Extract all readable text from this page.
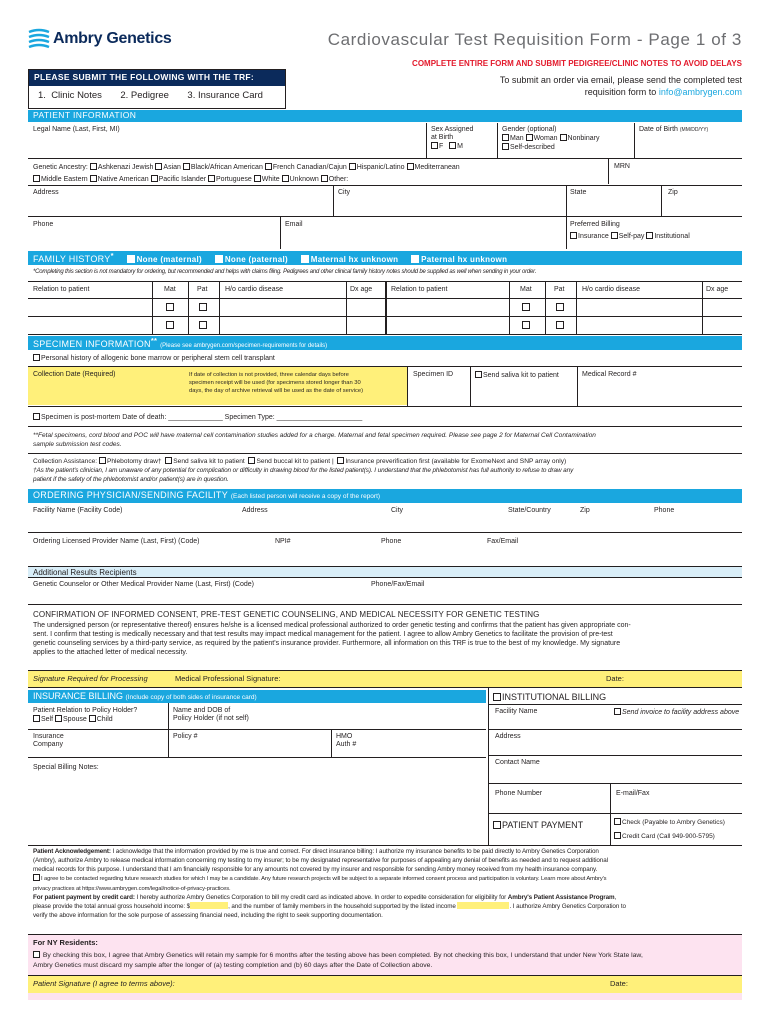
Ambry Genetics	Cardiovascular Test Requisition Form - Page 1 of 3
COMPLETE ENTIRE FORM AND SUBMIT PEDIGREE/CLINIC NOTES TO AVOID DELAYS
To submit an order via email, please send the completed test
requisition form to info@ambrygen.com
PLEASE SUBMIT THE FOLLOWING WITH THE TRF:
1.  Clinic Notes       2. Pedigree       3. Insurance Card
PATIENT INFORMATION
Legal Name (Last, First, MI)	Sex Assigned
at Birth
F M
Gender (optional)
Man Woman Nonbinary
Self-described
Date of Birth (MM/DD/YY)
Genetic Ancestry: Ashkenazi Jewish Asian Black/African American French Canadian/Cajun Hispanic/Latino Mediterranean
Middle Eastern Native American Pacific Islander Portuguese White Unknown Other:
MRN
Address	City	State	Zip
Phone	Email	Preferred Billing
Insurance Self-pay Institutional
FAMILY HISTORY*	None (maternal)	None (paternal)	Maternal hx unknown	Paternal hx unknown
*Completing this section is not mandatory for ordering, but recommended and helps with claims filing. Pedigrees and other clinical family history notes should be supplied as well when sending in your order.
Relation to patient	Mat	Pat H/o cardio disease	Dx age	Relation to patient	Mat	Pat H/o cardio disease	Dx age
SPECIMEN INFORMATION** (Please see ambrygen.com/specimen-requirements for details)
Personal history of allogenic bone marrow or peripheral stem cell transplant
Collection Date (Required)	If date of collection is not provided, three calendar days before
specimen receipt will be used (for specimens stored longer than 30
days, the day of archive retrieval will be used as the date of service)
Specimen ID	Send saliva kit to patient	Medical Record #
Specimen is post-mortem Date of death: ______________ Specimen Type: ______________________
**Fetal specimens, cord blood and POC will have maternal cell contamination studies added for a charge. Maternal and fetal specimen required. Please see page 2 for Maternal Cell Contamination
sample submission test codes.
Collection Assistance: Phlebotomy draw† Send saliva kit to patient Send buccal kit to patient | Insurance preverification first (available for ExomeNext and SNP array only)
†As the patient's clinician, I am unaware of any potential for complication or difficulty in drawing blood for the listed patient(s). I understand that the phlebotomist has full authority to refuse to draw any
patient if the safety of the phlebotomist and/or patient(s) are in question.
ORDERING PHYSICIAN/SENDING FACILITY (Each listed person will receive a copy of the report)
Facility Name (Facility Code)	Address	City	State/Country	Zip	Phone
Ordering Licensed Provider Name (Last, First) (Code)	NPI#	Phone	Fax/Email
Additional Results Recipients
Genetic Counselor or Other Medical Provider Name (Last, First) (Code)	Phone/Fax/Email
CONFIRMATION OF INFORMED CONSENT, PRE-TEST GENETIC COUNSELING, AND MEDICAL NECESSITY FOR GENETIC TESTING
The undersigned person (or representative thereof) ensures he/she is a licensed medical professional authorized to order genetic testing and confirms that the patient has given appropriate con-
sent. I confirm that testing is medically necessary and that test results may impact medical management for the patient. I agree to allow Ambry Genetics to facilitate the provision of pre-test
genetic counseling services by a third-party service, as required by the patient's insurance provider. Furthermore, all information on this TRF is true to the best of my knowledge. My signature
applies to the attached letter of medical necessity.
Signature Required for Processing	Medical Professional Signature:	Date:
INSURANCE BILLING (Include copy of both sides of insurance card)
Patient Relation to Policy Holder?
Self Spouse Child
Name and DOB of
Policy Holder (if not self)
Insurance
Company
Policy #	HMO
Auth #
Special Billing Notes:
INSTITUTIONAL BILLING
Facility Name	Send invoice to facility address above
Address
Contact Name
Phone Number	E-mail/Fax
PATIENT PAYMENT	Check (Payable to Ambry Genetics)
Credit Card (Call 949-900-5795)
Patient Acknowledgement: I acknowledge that the information provided by me is true and correct. For direct insurance billing: I authorize my insurance benefits to be paid directly to Ambry Genetics Corporation
(Ambry), authorize Ambry to release medical information concerning my testing to my insurer; to be my designated representative for purposes of appealing any denial of benefits as needed and to request additional
medical records for this purpose. I understand that I am financially responsible for any amounts not covered by my insurer and responsible for sending Ambry money received from my health insurance company.
I agree to be contacted regarding future research studies for which I may be a candidate. Any future research projects will be subject to a separate informed consent process and participation is voluntary. Learn more about Ambry's
privacy practices at https://www.ambrygen.com/legal/notice-of-privacy-practices.
For patient payment by credit card: I hereby authorize Ambry Genetics Corporation to bill my credit card as indicated above. In order to expedite consideration for eligibility for Ambry's Patient Assistance Program,
please provide the total annual gross household income: $	, and the number of family members in the household supported by the listed income	. I authorize Ambry Genetics Corporation to
verify the above information for the sole purpose of assessing financial need, including the right to seek supporting documentation.
For NY Residents:
By checking this box, I agree that Ambry Genetics will retain my sample for 6 months after the testing above has been completed. By not checking this box, I understand that under New York State law,
Ambry Genetics must discard my sample after the longer of (a) testing completion and (b) 60 days after the Date of Collection above.
Patient Signature (I agree to terms above):	Date:
